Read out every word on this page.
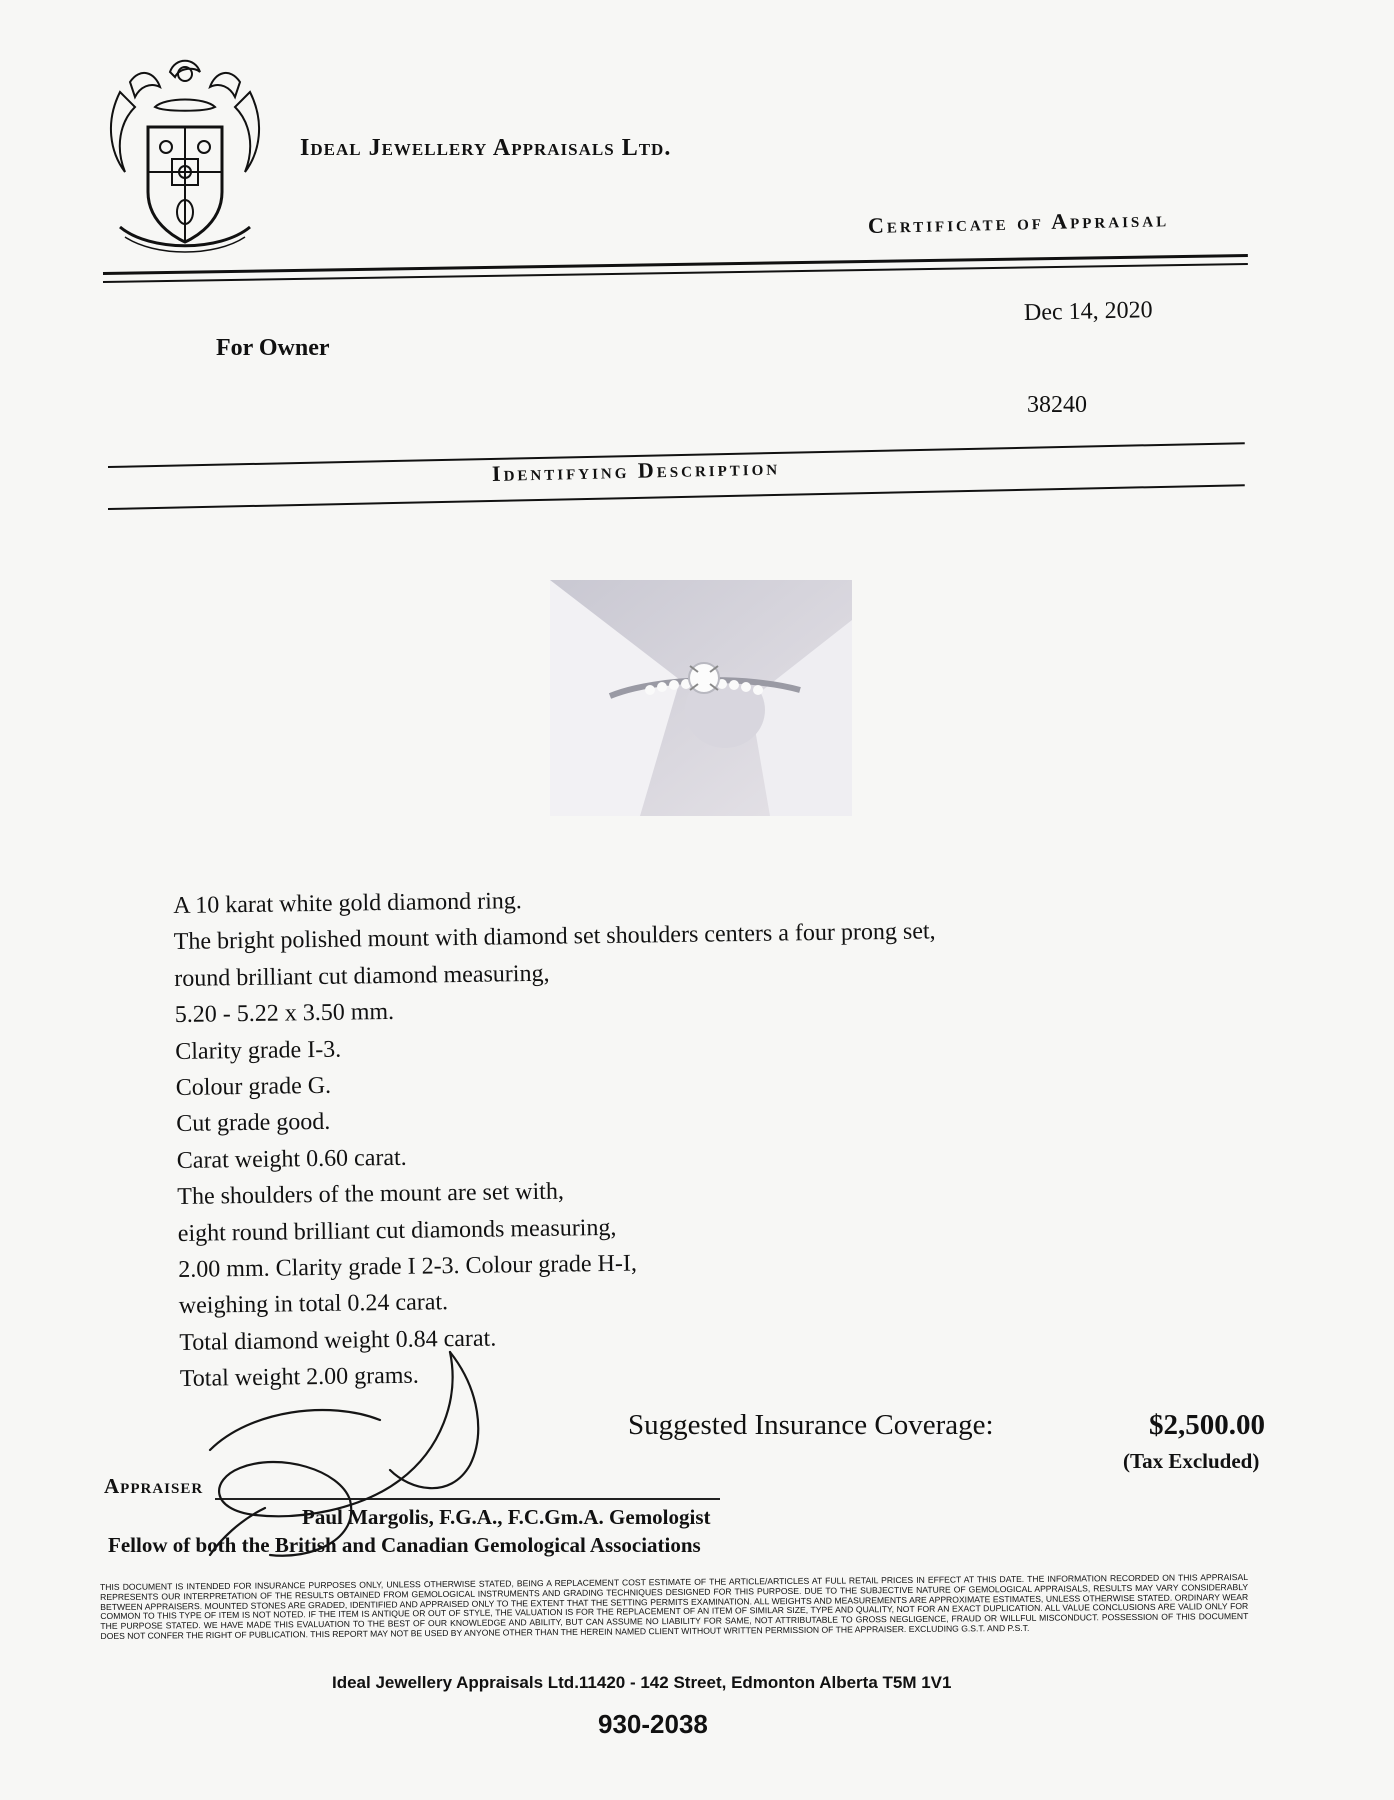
Ideal Jewellery Appraisals Ltd.
Certificate of Appraisal
For Owner
Dec 14, 2020
38240
Identifying Description
A 10 karat white gold diamond ring.
The bright polished mount with diamond set shoulders centers a four prong set,
round brilliant cut diamond measuring,
5.20 - 5.22 x 3.50 mm.
Clarity grade I-3.
Colour grade G.
Cut grade good.
Carat weight 0.60 carat.
The shoulders of the mount are set with,
eight round brilliant cut diamonds measuring,
2.00 mm. Clarity grade I 2-3. Colour grade H-I,
weighing in total 0.24 carat.
Total diamond weight 0.84 carat.
Total weight 2.00 grams.
Suggested Insurance Coverage:	$2,500.00
(Tax Excluded)
Appraiser
Paul Margolis, F.G.A., F.C.Gm.A. Gemologist
Fellow of both the British and Canadian Gemological Associations
THIS DOCUMENT IS INTENDED FOR INSURANCE PURPOSES ONLY, UNLESS OTHERWISE STATED, BEING A REPLACEMENT COST ESTIMATE OF THE ARTICLE/ARTICLES AT FULL RETAIL PRICES IN EFFECT AT THIS DATE. THE INFORMATION RECORDED ON THIS APPRAISAL REPRESENTS OUR INTERPRETATION OF THE RESULTS OBTAINED FROM GEMOLOGICAL INSTRUMENTS AND GRADING TECHNIQUES DESIGNED FOR THIS PURPOSE. DUE TO THE SUBJECTIVE NATURE OF GEMOLOGICAL APPRAISALS, RESULTS MAY VARY CONSIDERABLY BETWEEN APPRAISERS. MOUNTED STONES ARE GRADED, IDENTIFIED AND APPRAISED ONLY TO THE EXTENT THAT THE SETTING PERMITS EXAMINATION. ALL WEIGHTS AND MEASUREMENTS ARE APPROXIMATE ESTIMATES, UNLESS OTHERWISE STATED. ORDINARY WEAR COMMON TO THIS TYPE OF ITEM IS NOT NOTED. IF THE ITEM IS ANTIQUE OR OUT OF STYLE, THE VALUATION IS FOR THE REPLACEMENT OF AN ITEM OF SIMILAR SIZE, TYPE AND QUALITY, NOT FOR AN EXACT DUPLICATION. ALL VALUE CONCLUSIONS ARE VALID ONLY FOR THE PURPOSE STATED. WE HAVE MADE THIS EVALUATION TO THE BEST OF OUR KNOWLEDGE AND ABILITY, BUT CAN ASSUME NO LIABILITY FOR SAME, NOT ATTRIBUTABLE TO GROSS NEGLIGENCE, FRAUD OR WILLFUL MISCONDUCT. POSSESSION OF THIS DOCUMENT DOES NOT CONFER THE RIGHT OF PUBLICATION. THIS REPORT MAY NOT BE USED BY ANYONE OTHER THAN THE HEREIN NAMED CLIENT WITHOUT WRITTEN PERMISSION OF THE APPRAISER. EXCLUDING G.S.T. AND P.S.T.
Ideal Jewellery Appraisals Ltd.11420 - 142 Street, Edmonton Alberta T5M 1V1
930-2038
